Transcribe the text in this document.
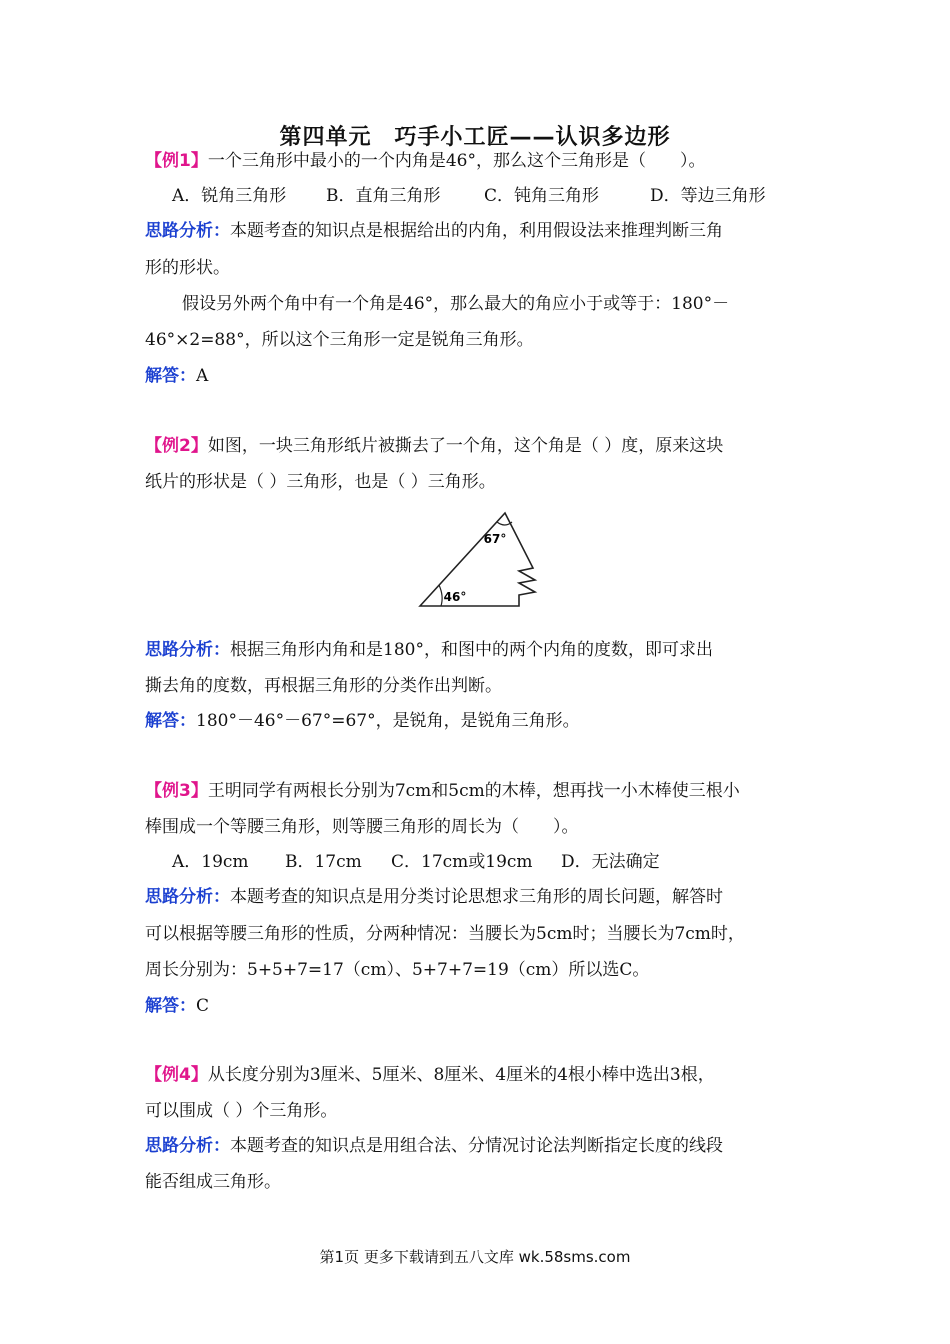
第四单元　巧手小工匠——认识多边形
【例1】一个三角形中最小的一个内角是46°，那么这个三角形是（　　）。
A．锐角三角形 B．直角三角形	C．钝角三角形	D．等边三角形
思路分析：本题考查的知识点是根据给出的内角，利用假设法来推理判断三角
形的形状。
假设另外两个角中有一个角是46°，那么最大的角应小于或等于：180°－
46°×2=88°，所以这个三角形一定是锐角三角形。
解答：A
【例2】如图，一块三角形纸片被撕去了一个角，这个角是（ ）度，原来这块
纸片的形状是（ ）三角形，也是（ ）三角形。
67°
46°
思路分析：根据三角形内角和是180°，和图中的两个内角的度数，即可求出
撕去角的度数，再根据三角形的分类作出判断。
解答：180°－46°－67°=67°，是锐角，是锐角三角形。
【例3】王明同学有两根长分别为7cm和5cm的木棒，想再找一小木棒使三根小
棒围成一个等腰三角形，则等腰三角形的周长为（　　）。
A．19cm B．17cm C．17cm或19cm D．无法确定
思路分析：本题考查的知识点是用分类讨论思想求三角形的周长问题，解答时
可以根据等腰三角形的性质，分两种情况：当腰长为5cm时；当腰长为7cm时，
周长分别为：5+5+7=17（cm）、5+7+7=19（cm）所以选C。
解答：C
【例4】从长度分别为3厘米、5厘米、8厘米、4厘米的4根小棒中选出3根，
可以围成（ ）个三角形。
思路分析：本题考查的知识点是用组合法、分情况讨论法判断指定长度的线段
能否组成三角形。
第1页 更多下载请到五八文库 wk.58sms.com
